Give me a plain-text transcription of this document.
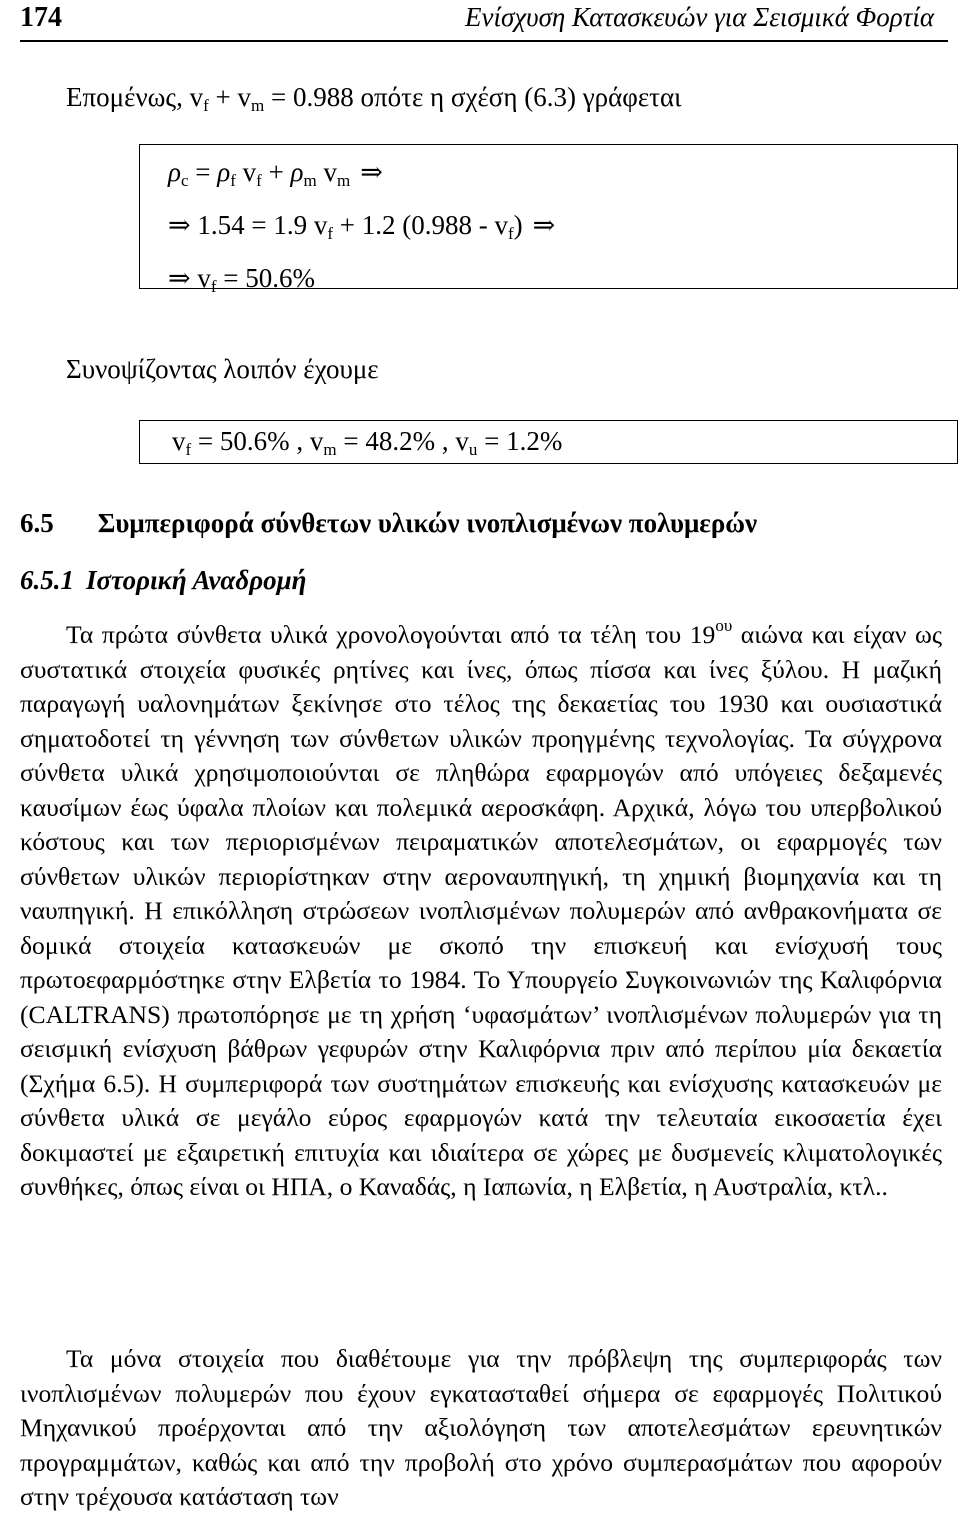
174	Ενίσχυση Κατασκευών για Σεισμικά Φορτία
Επομένως, $v_f + v_m = 0.988$ οπότε η σχέση (6.3) γράφεται
$\rho_c = \rho_f$ $v_f + \rho_m$ $v_m$ ⇒
⇒ 1.54 = 1.9 $v_f + 1.2$ $(0.988 - v_f)$ ⇒
⇒ $v_f = 50.6\%$
Συνοψίζοντας λοιπόν έχουμε
$v_f = 50.6\%$ , $v_m = 48.2\%$ , $v_u = 1.2\%$
6.5 Συμπεριφορά σύνθετων υλικών ινοπλισμένων πολυμερών
6.5.1 Ιστορική Αναδρομή
Τα πρώτα σύνθετα υλικά χρονολογούνται από τα τέλη του $19^{o\upsilon}$ αιώνα και είχαν ως συστατικά στοιχεία φυσικές ρητίνες και ίνες, όπως πίσσα και ίνες ξύλου. Η μαζική παραγωγή υαλονημάτων ξεκίνησε στο τέλος της δεκαετίας του 1930 και ουσιαστικά σηματοδοτεί τη γέννηση των σύνθετων υλικών προηγμένης τεχνολογίας. Τα σύγχρονα σύνθετα υλικά χρησιμοποιούνται σε πληθώρα εφαρμογών από υπόγειες δεξαμενές καυσίμων έως ύφαλα πλοίων και πολεμικά αεροσκάφη. Αρχικά, λόγω του υπερβολικού κόστους και των περιορισμένων πειραματικών αποτελεσμάτων, οι εφαρμογές των σύνθετων υλικών περιορίστηκαν στην αεροναυπηγική, τη χημική βιομηχανία και τη ναυπηγική. Η επικόλληση στρώσεων ινοπλισμένων πολυμερών από ανθρακονήματα σε δομικά στοιχεία κατασκευών με σκοπό την επισκευή και ενίσχυσή τους πρωτοεφαρμόστηκε στην Ελβετία το 1984. Το Υπουργείο Συγκοινωνιών της Καλιφόρνια (CALTRANS) πρωτοπόρησε με τη χρήση ‘υφασμάτων’ ινοπλισμένων πολυμερών για τη σεισμική ενίσχυση βάθρων γεφυρών στην Καλιφόρνια πριν από περίπου μία δεκαετία (Σχήμα 6.5). Η συμπεριφορά των συστημάτων επισκευής και ενίσχυσης κατασκευών με σύνθετα υλικά σε μεγάλο εύρος εφαρμογών κατά την τελευταία εικοσαετία έχει δοκιμαστεί με εξαιρετική επιτυχία και ιδιαίτερα σε χώρες με δυσμενείς κλιματολογικές συνθήκες, όπως είναι οι ΗΠΑ, ο Καναδάς, η Ιαπωνία, η Ελβετία, η Αυστραλία, κτλ..
Τα μόνα στοιχεία που διαθέτουμε για την πρόβλεψη της συμπεριφοράς των ινοπλισμένων πολυμερών που έχουν εγκατασταθεί σήμερα σε εφαρμογές Πολιτικού Μηχανικού προέρχονται από την αξιολόγηση των αποτελεσμάτων ερευνητικών προγραμμάτων, καθώς και από την προβολή στο χρόνο συμπερασμάτων που αφορούν στην τρέχουσα κατάσταση των
